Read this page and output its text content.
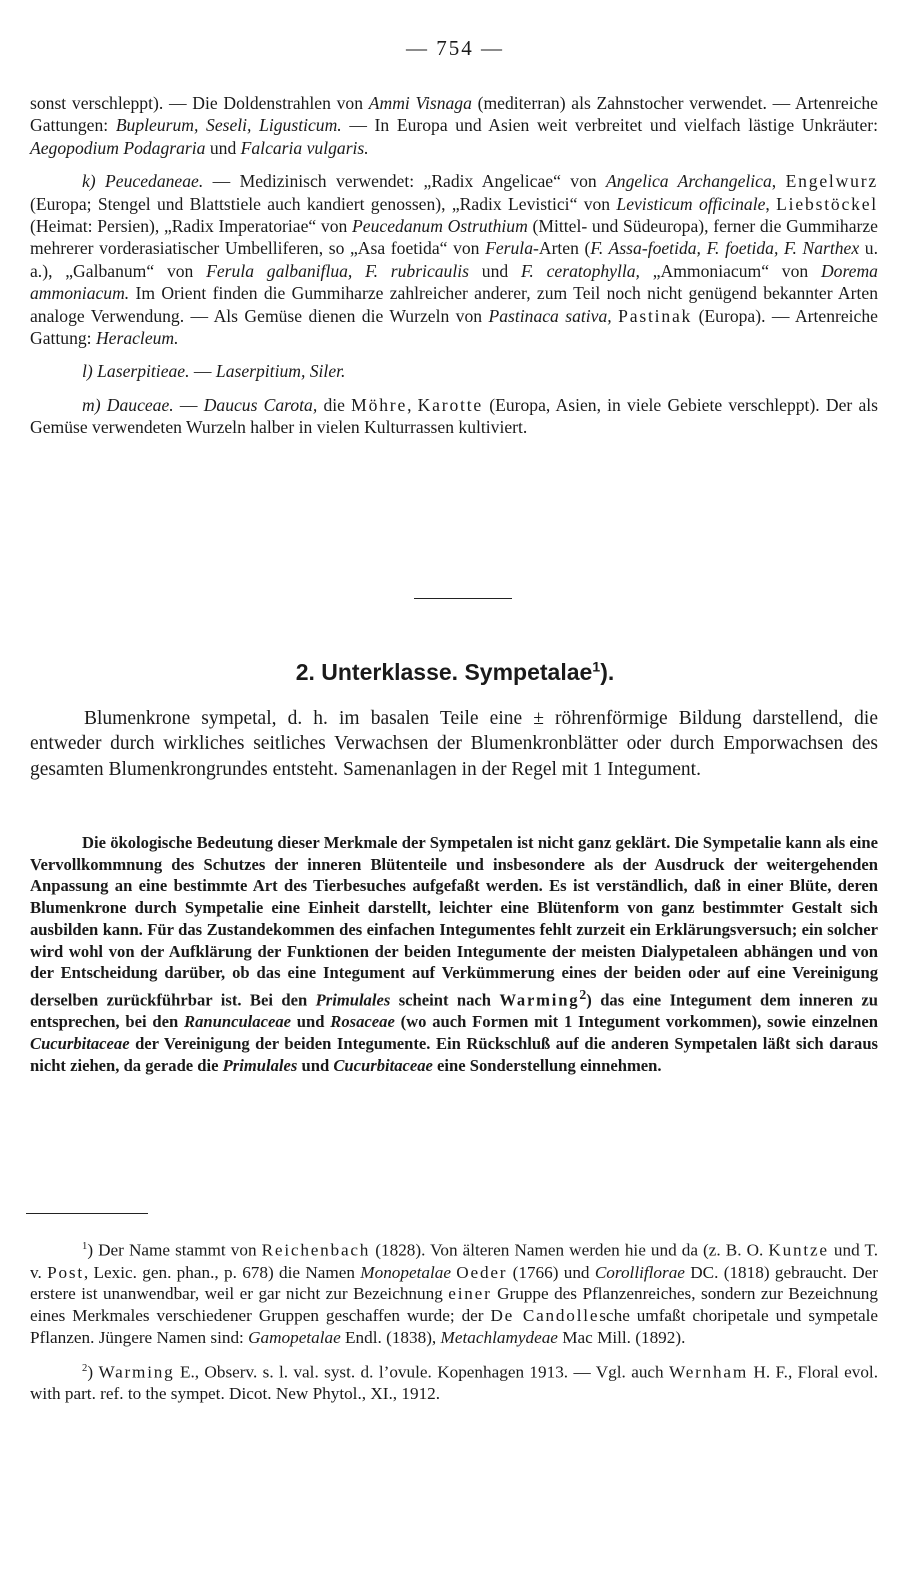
— 754 —

sonst verschleppt). — Die Doldenstrahlen von Ammi Visnaga (mediterran) als Zahnstocher verwendet. — Artenreiche Gattungen: Bupleurum, Seseli, Ligusticum. — In Europa und Asien weit verbreitet und vielfach lästige Unkräuter: Aegopodium Podagraria und Falcaria vulgaris.

k) Peucedaneae. — Medizinisch verwendet: „Radix Angelicae“ von Angelica Archangelica, Engelwurz (Europa; Stengel und Blattstiele auch kandiert genossen), „Radix Levistici“ von Levisticum officinale, Liebstöckel (Heimat: Persien), „Radix Imperatoriae“ von Peucedanum Ostruthium (Mittel- und Südeuropa), ferner die Gummiharze mehrerer vorderasiatischer Umbelliferen, so „Asa foetida“ von Ferula-Arten (F. Assa-foetida, F. foetida, F. Narthex u. a.), „Galbanum“ von Ferula galbaniflua, F. rubricaulis und F. ceratophylla, „Ammoniacum“ von Dorema ammoniacum. Im Orient finden die Gummiharze zahlreicher anderer, zum Teil noch nicht genügend bekannter Arten analoge Verwendung. — Als Gemüse dienen die Wurzeln von Pastinaca sativa, Pastinak (Europa). — Artenreiche Gattung: Heracleum.

l) Laserpitieae. — Laserpitium, Siler.

m) Dauceae. — Daucus Carota, die Möhre, Karotte (Europa, Asien, in viele Gebiete verschleppt). Der als Gemüse verwendeten Wurzeln halber in vielen Kulturrassen kultiviert.

2. Unterklasse. Sympetalae$^1$).

Blumenkrone sympetal, d. h. im basalen Teile eine ± röhrenförmige Bildung darstellend, die entweder durch wirkliches seitliches Verwachsen der Blumenkronblätter oder durch Emporwachsen des gesamten Blumenkrongrundes entsteht. Samenanlagen in der Regel mit 1 Integument.

Die ökologische Bedeutung dieser Merkmale der Sympetalen ist nicht ganz geklärt. Die Sympetalie kann als eine Vervollkommnung des Schutzes der inneren Blütenteile und insbesondere als der Ausdruck der weitergehenden Anpassung an eine bestimmte Art des Tierbesuches aufgefaßt werden. Es ist verständlich, daß in einer Blüte, deren Blumenkrone durch Sympetalie eine Einheit darstellt, leichter eine Blütenform von ganz bestimmter Gestalt sich ausbilden kann. Für das Zustandekommen des einfachen Integumentes fehlt zurzeit ein Erklärungsversuch; ein solcher wird wohl von der Aufklärung der Funktionen der beiden Integumente der meisten Dialypetaleen abhängen und von der Entscheidung darüber, ob das eine Integument auf Verkümmerung eines der beiden oder auf eine Vereinigung derselben zurückführbar ist. Bei den Primulales scheint nach Warming$^2$) das eine Integument dem inneren zu entsprechen, bei den Ranunculaceae und Rosaceae (wo auch Formen mit 1 Integument vorkommen), sowie einzelnen Cucurbitaceae der Vereinigung der beiden Integumente. Ein Rückschluß auf die anderen Sympetalen läßt sich daraus nicht ziehen, da gerade die Primulales und Cucurbitaceae eine Sonderstellung einnehmen.

$^1$) Der Name stammt von Reichenbach (1828). Von älteren Namen werden hie und da (z. B. O. Kuntze und T. v. Post, Lexic. gen. phan., p. 678) die Namen Monopetalae Oeder (1766) und Corolliflorae DC. (1818) gebraucht. Der erstere ist unanwendbar, weil er gar nicht zur Bezeichnung einer Gruppe des Pflanzenreiches, sondern zur Bezeichnung eines Merkmales verschiedener Gruppen geschaffen wurde; der De Candollesche umfaßt choripetale und sympetale Pflanzen. Jüngere Namen sind: Gamopetalae Endl. (1838), Metachlamydeae Mac Mill. (1892).

$^2$) Warming E., Observ. s. l. val. syst. d. l’ovule. Kopenhagen 1913. — Vgl. auch Wernham H. F., Floral evol. with part. ref. to the sympet. Dicot. New Phytol., XI., 1912.
